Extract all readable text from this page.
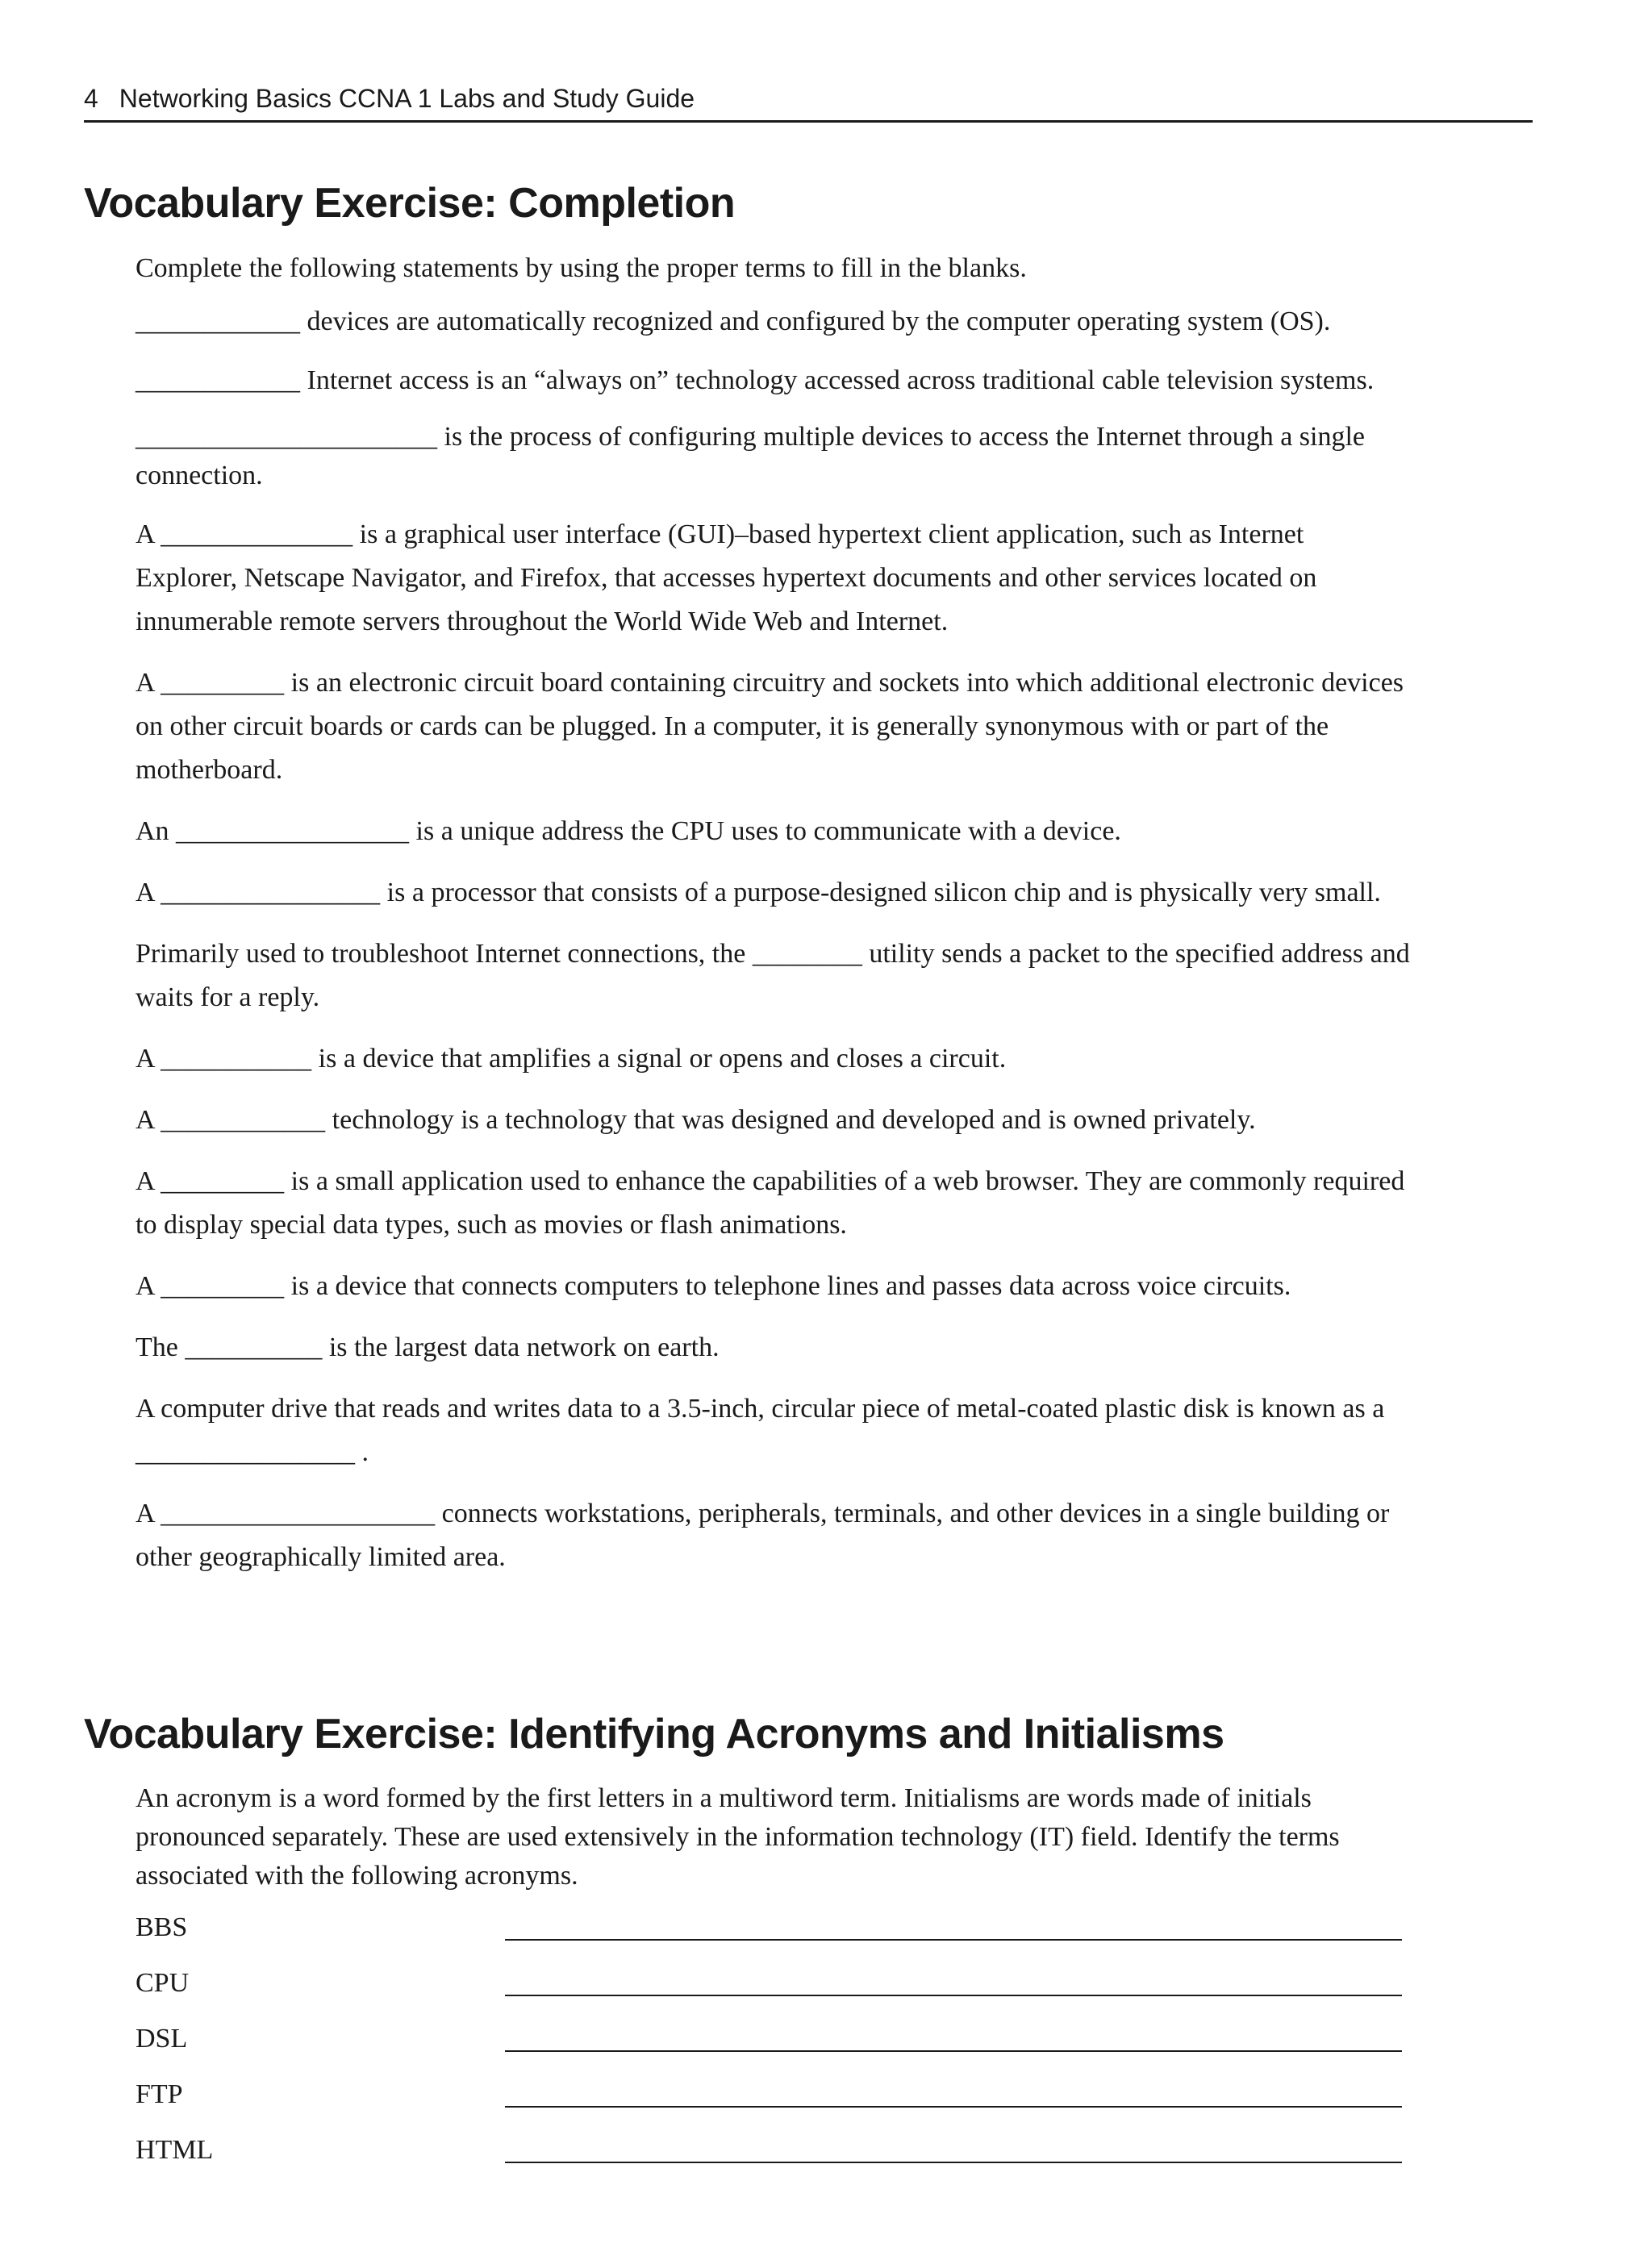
4 Networking Basics CCNA 1 Labs and Study Guide
Vocabulary Exercise: Completion

Complete the following statements by using the proper terms to fill in the blanks.

____________ devices are automatically recognized and configured by the computer operating system (OS).

____________ Internet access is an “always on” technology accessed across traditional cable television systems.

______________________ is the process of configuring multiple devices to access the Internet through a single connection.

A ______________ is a graphical user interface (GUI)–based hypertext client application, such as Internet Explorer, Netscape Navigator, and Firefox, that accesses hypertext documents and other services located on innumerable remote servers throughout the World Wide Web and Internet.

A _________ is an electronic circuit board containing circuitry and sockets into which additional electronic devices on other circuit boards or cards can be plugged. In a computer, it is generally synonymous with or part of the motherboard.

An _________________ is a unique address the CPU uses to communicate with a device.

A ________________ is a processor that consists of a purpose-designed silicon chip and is physically very small.

Primarily used to troubleshoot Internet connections, the ________ utility sends a packet to the specified address and waits for a reply.

A ___________ is a device that amplifies a signal or opens and closes a circuit.

A ____________ technology is a technology that was designed and developed and is owned privately.

A _________ is a small application used to enhance the capabilities of a web browser. They are commonly required to display special data types, such as movies or flash animations.

A _________ is a device that connects computers to telephone lines and passes data across voice circuits.

The __________ is the largest data network on earth.

A computer drive that reads and writes data to a 3.5-inch, circular piece of metal-coated plastic disk is known as a ________________ .

A ____________________ connects workstations, peripherals, terminals, and other devices in a single building or other geographically limited area.

Vocabulary Exercise: Identifying Acronyms and Initialisms

An acronym is a word formed by the first letters in a multiword term. Initialisms are words made of initials pronounced separately. These are used extensively in the information technology (IT) field. Identify the terms associated with the following acronyms.

BBS
CPU
DSL
FTP
HTML
